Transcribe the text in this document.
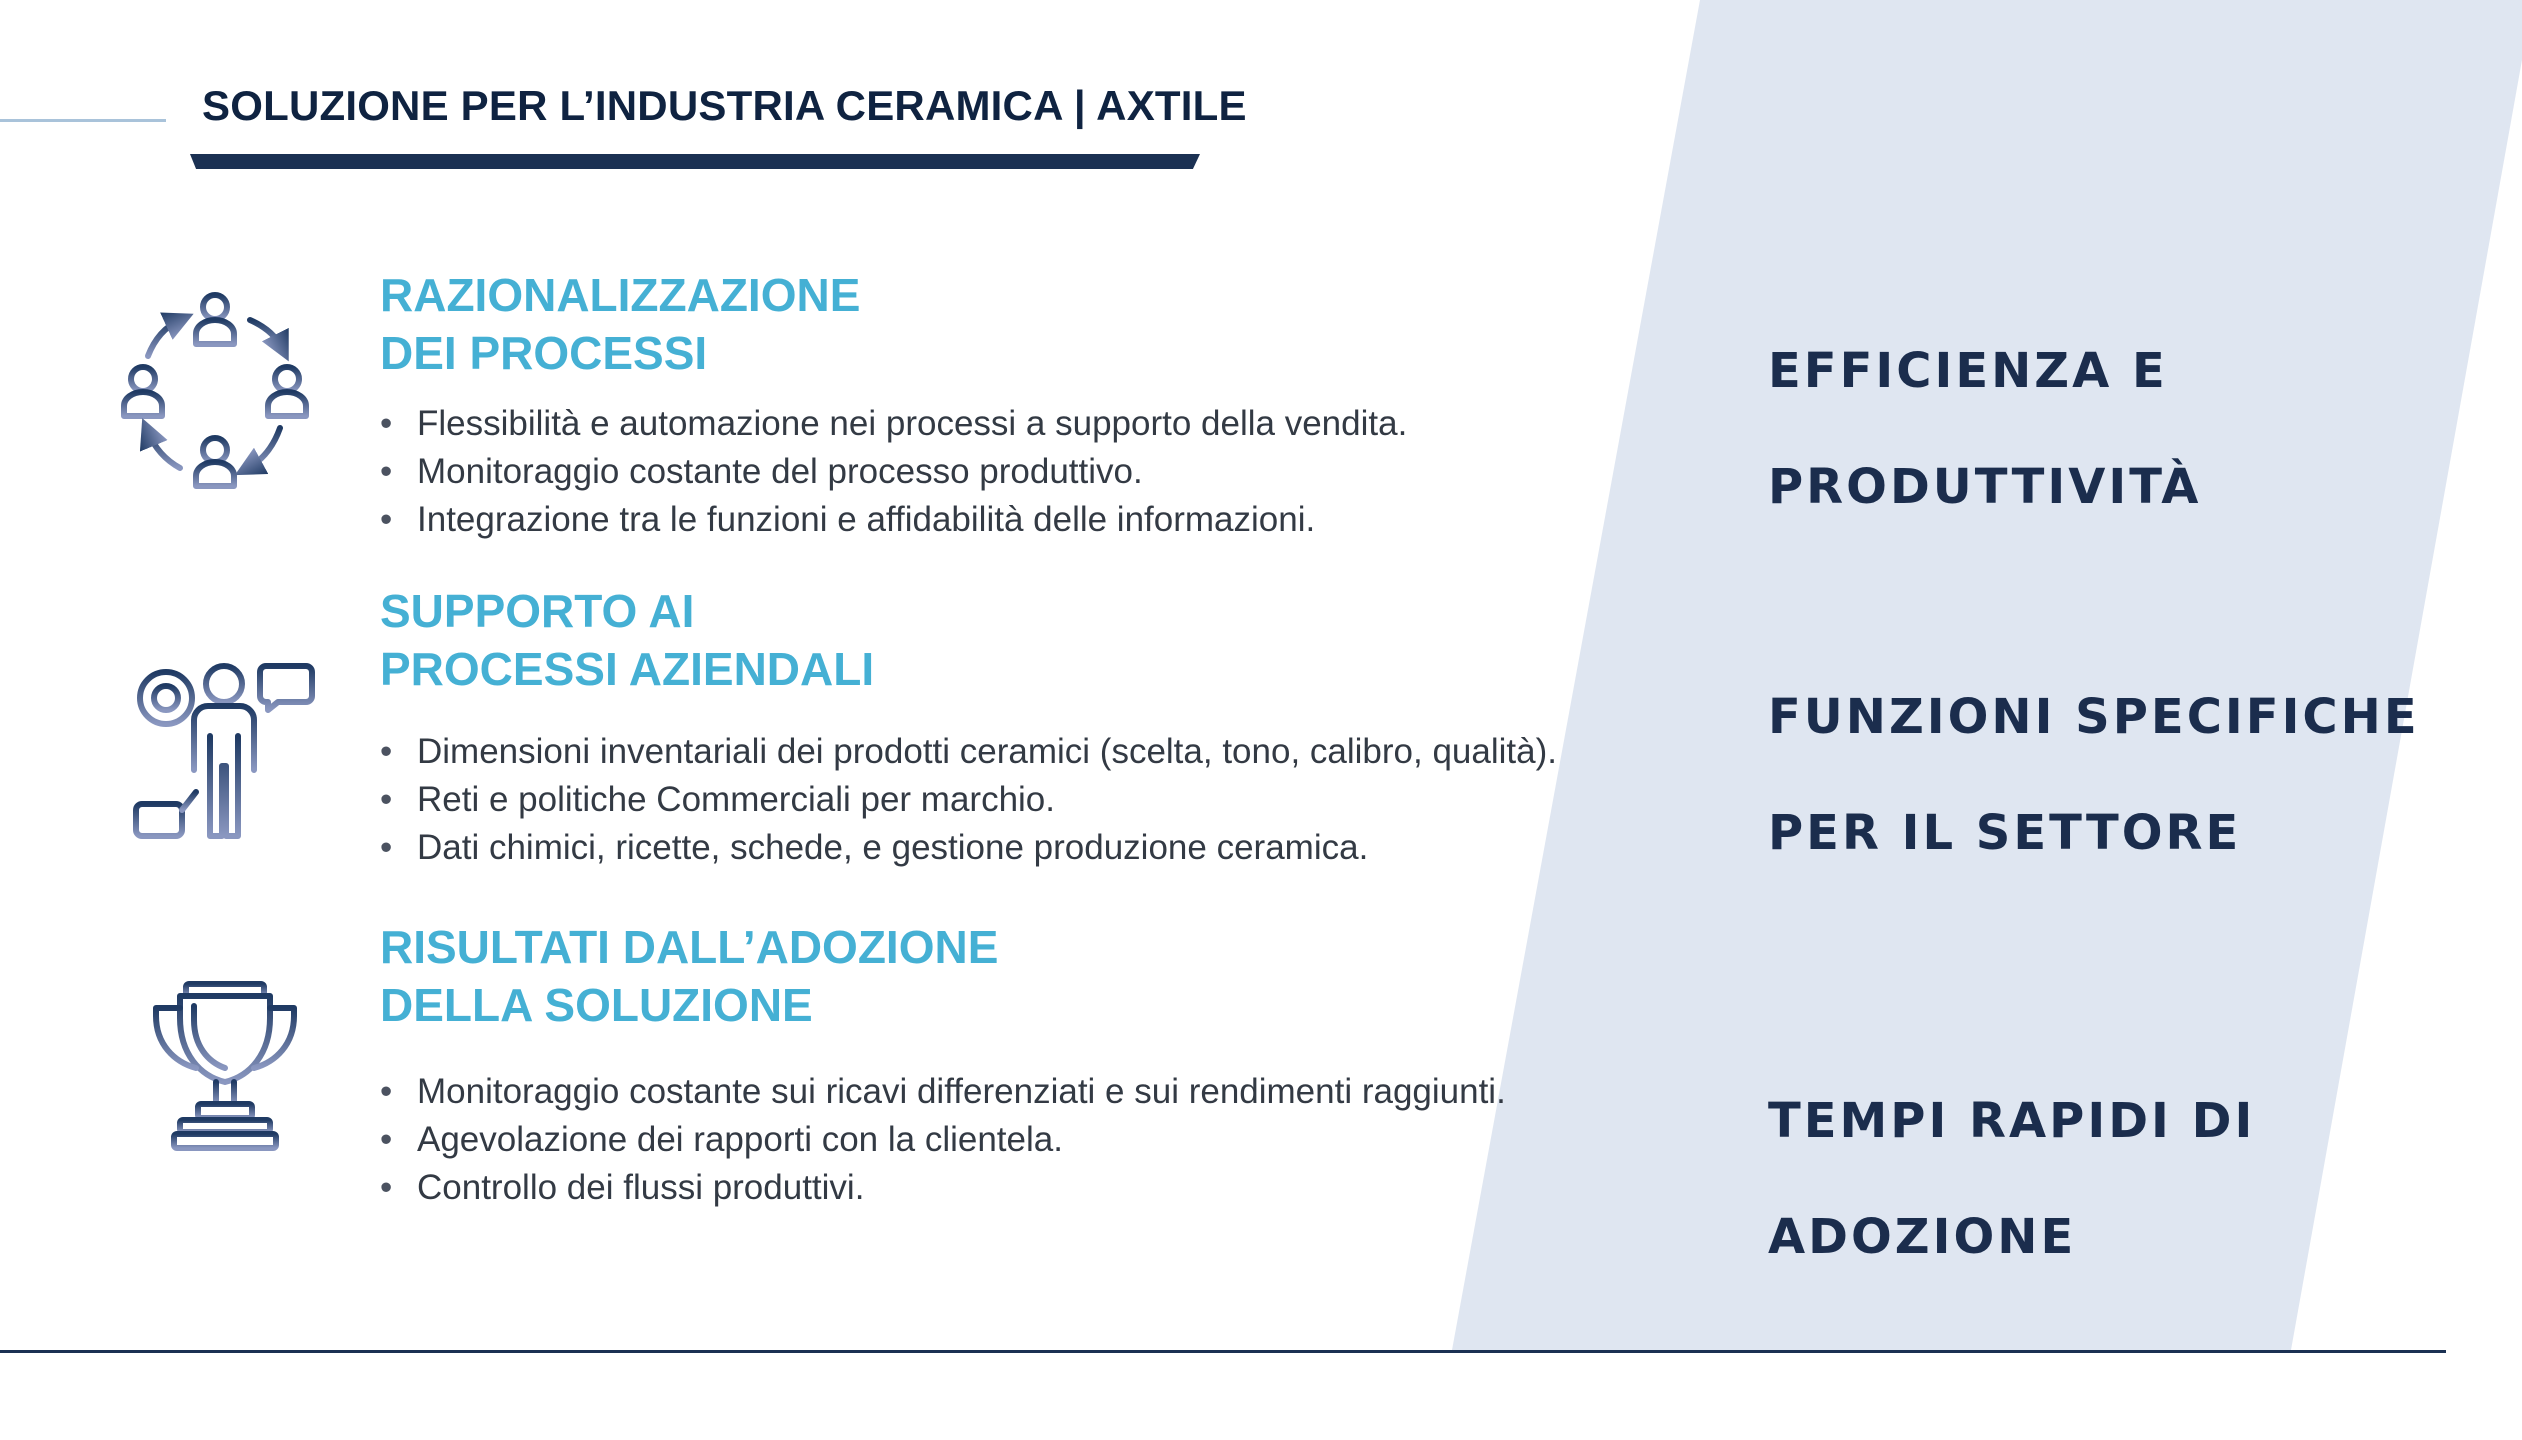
SOLUZIONE PER L’INDUSTRIA CERAMICA | AXTILE
RAZIONALIZZAZIONE
DEI PROCESSI
• Flessibilità e automazione nei processi a supporto della vendita.
• Monitoraggio costante del processo produttivo.
• Integrazione tra le funzioni e affidabilità delle informazioni.
SUPPORTO AI
PROCESSI AZIENDALI
• Dimensioni inventariali dei prodotti ceramici (scelta, tono, calibro, qualità).
• Reti e politiche Commerciali per marchio.
• Dati chimici, ricette, schede, e gestione produzione ceramica.
RISULTATI DALL’ADOZIONE
DELLA SOLUZIONE
• Monitoraggio costante sui ricavi differenziati e sui rendimenti raggiunti.
• Agevolazione dei rapporti con la clientela.
• Controllo dei flussi produttivi.

EFFICIENZA E

PRODUTTIVITÀ

FUNZIONI SPECIFICHE

PER IL SETTORE

TEMPI RAPIDI DI

ADOZIONE
